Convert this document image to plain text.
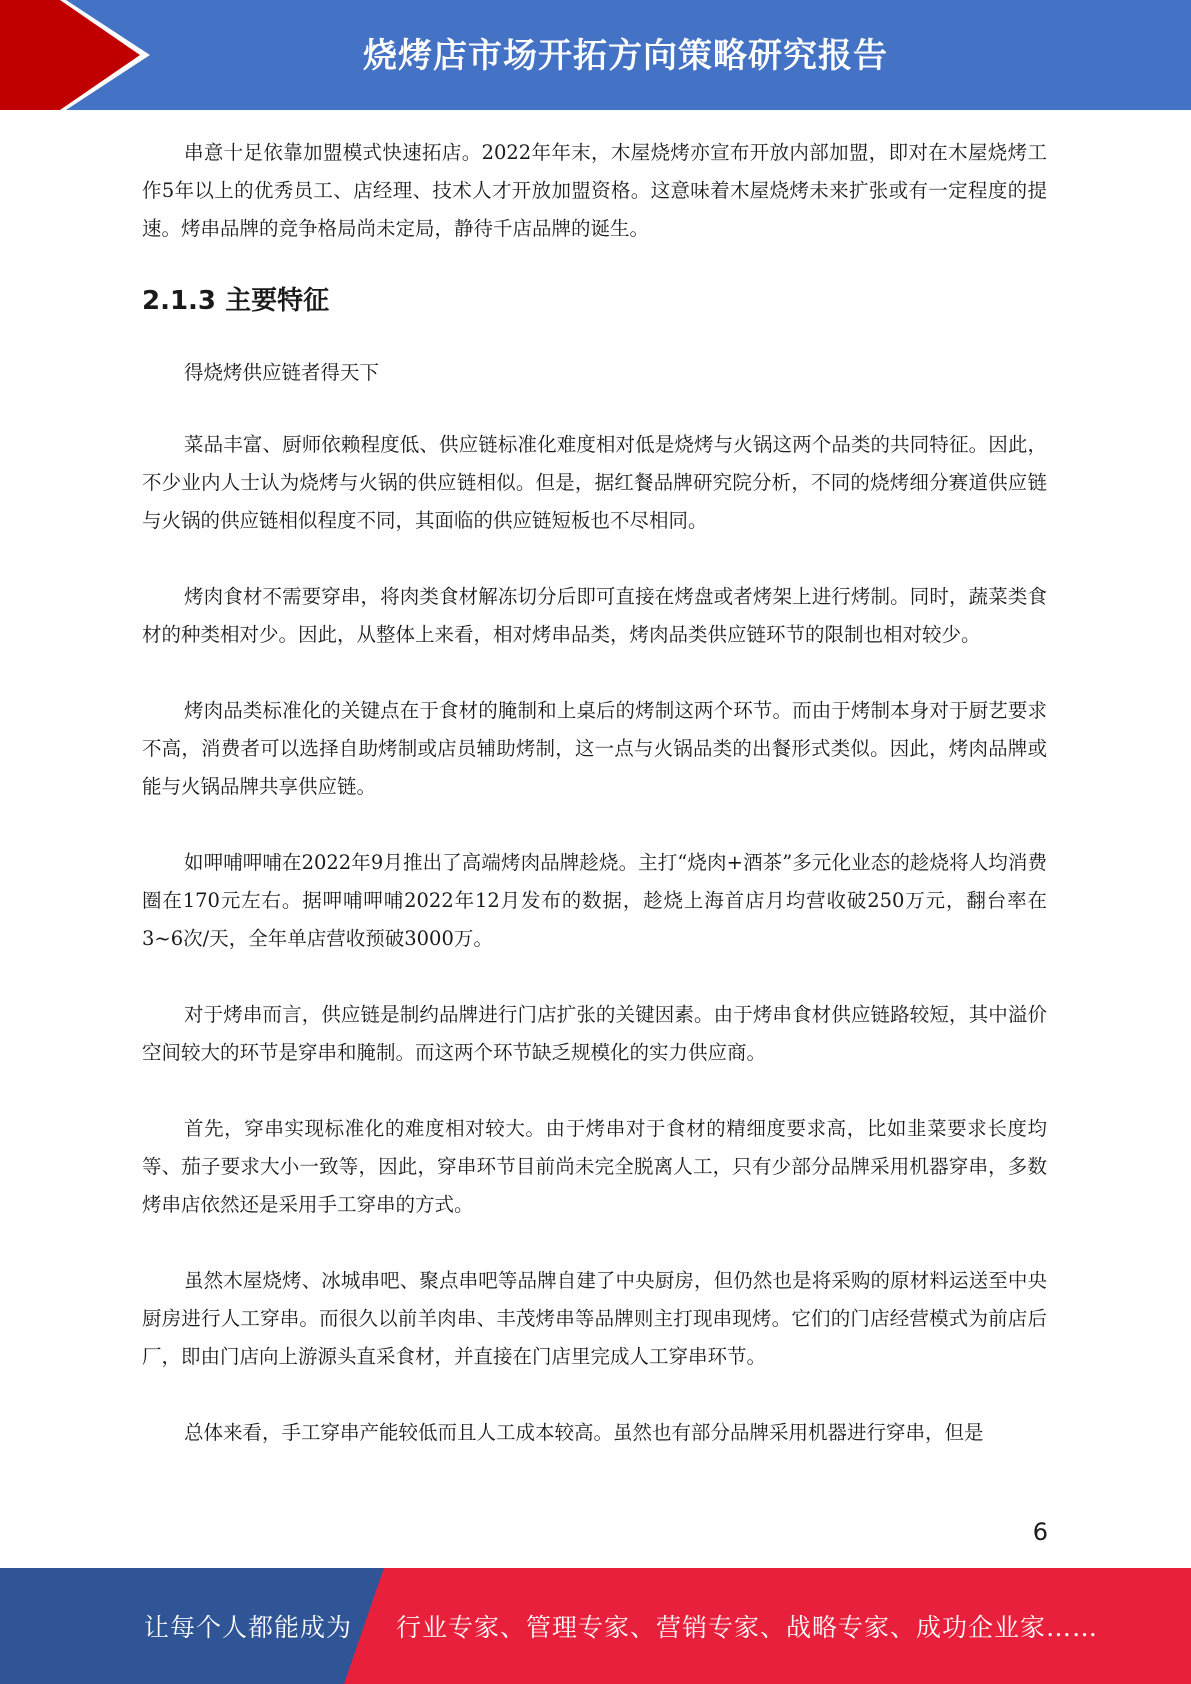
烧烤店市场开拓方向策略研究报告

串意十足依靠加盟模式快速拓店。2022年年末，木屋烧烤亦宣布开放内部加盟，即对在木屋烧烤工作5年以上的优秀员工、店经理、技术人才开放加盟资格。这意味着木屋烧烤未来扩张或有一定程度的提速。烤串品牌的竞争格局尚未定局，静待千店品牌的诞生。

2.1.3 主要特征

得烧烤供应链者得天下

菜品丰富、厨师依赖程度低、供应链标准化难度相对低是烧烤与火锅这两个品类的共同特征。因此，不少业内人士认为烧烤与火锅的供应链相似。但是，据红餐品牌研究院分析，不同的烧烤细分赛道供应链与火锅的供应链相似程度不同，其面临的供应链短板也不尽相同。

烤肉食材不需要穿串，将肉类食材解冻切分后即可直接在烤盘或者烤架上进行烤制。同时，蔬菜类食材的种类相对少。因此，从整体上来看，相对烤串品类，烤肉品类供应链环节的限制也相对较少。

烤肉品类标准化的关键点在于食材的腌制和上桌后的烤制这两个环节。而由于烤制本身对于厨艺要求不高，消费者可以选择自助烤制或店员辅助烤制，这一点与火锅品类的出餐形式类似。因此，烤肉品牌或能与火锅品牌共享供应链。

如呷哺呷哺在2022年9月推出了高端烤肉品牌趁烧。主打“烧肉+酒茶”多元化业态的趁烧将人均消费圈在170元左右。据呷哺呷哺2022年12月发布的数据，趁烧上海首店月均营收破250万元，翻台率在3~6次/天，全年单店营收预破3000万。

对于烤串而言，供应链是制约品牌进行门店扩张的关键因素。由于烤串食材供应链路较短，其中溢价空间较大的环节是穿串和腌制。而这两个环节缺乏规模化的实力供应商。

首先，穿串实现标准化的难度相对较大。由于烤串对于食材的精细度要求高，比如韭菜要求长度均等、茄子要求大小一致等，因此，穿串环节目前尚未完全脱离人工，只有少部分品牌采用机器穿串，多数烤串店依然还是采用手工穿串的方式。

虽然木屋烧烤、冰城串吧、聚点串吧等品牌自建了中央厨房，但仍然也是将采购的原材料运送至中央厨房进行人工穿串。而很久以前羊肉串、丰茂烤串等品牌则主打现串现烤。它们的门店经营模式为前店后厂，即由门店向上游源头直采食材，并直接在门店里完成人工穿串环节。

总体来看，手工穿串产能较低而且人工成本较高。虽然也有部分品牌采用机器进行穿串，但是

6
让每个人都能成为 行业专家、管理专家、营销专家、战略专家、成功企业家……
